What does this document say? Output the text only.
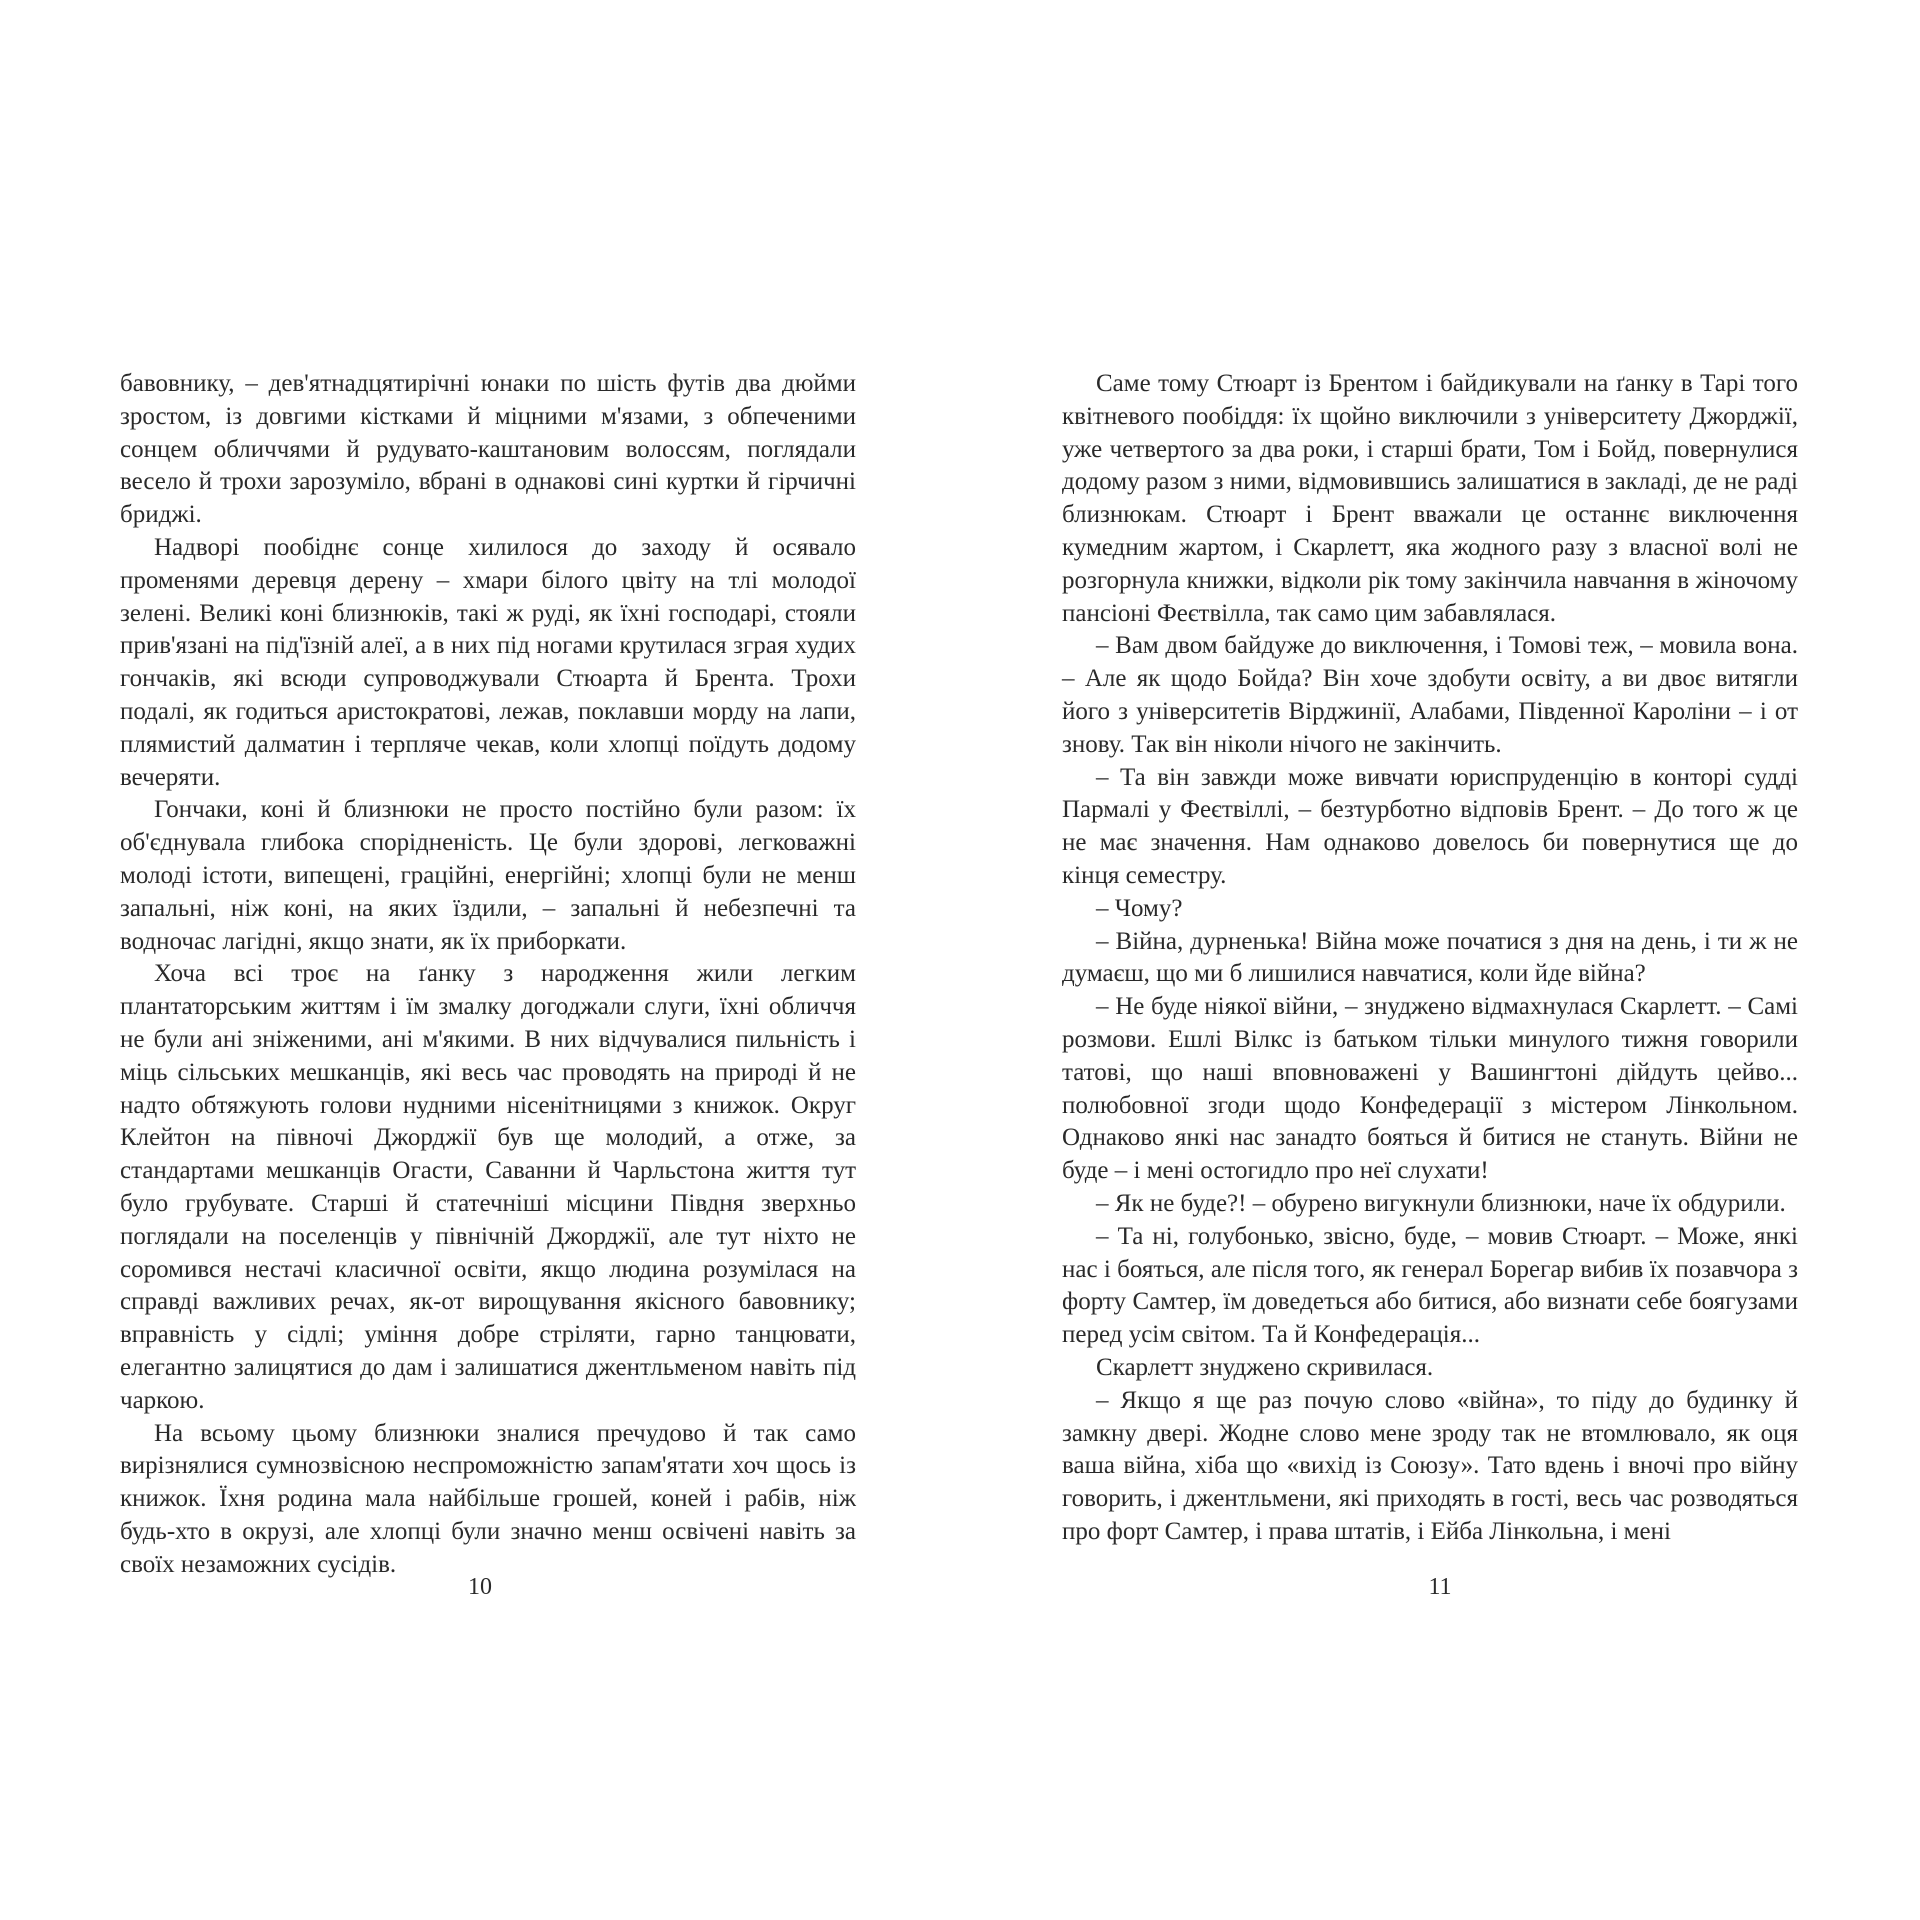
бавовнику, – дев'ятнадцятирічні юнаки по шість футів два дюйми зростом, із довгими кістками й міцними м'язами, з обпеченими сонцем обличчями й рудувато-каштановим волоссям, поглядали весело й трохи зарозуміло, вбрані в однакові сині куртки й гірчичні бриджі.

Надворі пообіднє сонце хилилося до заходу й осявало променями деревця дерену – хмари білого цвіту на тлі молодої зелені. Великі коні близнюків, такі ж руді, як їхні господарі, стояли прив'язані на під'їзній алеї, а в них під ногами крутилася зграя худих гончаків, які всюди супроводжували Стюарта й Брента. Трохи подалі, як годиться аристократові, лежав, поклавши морду на лапи, плямистий далматин і терпляче чекав, коли хлопці поїдуть додому вечеряти.

Гончаки, коні й близнюки не просто постійно були разом: їх об'єднувала глибока спорідненість. Це були здорові, легковажні молоді істоти, випещені, граційні, енергійні; хлопці були не менш запальні, ніж коні, на яких їздили, – запальні й небезпечні та водночас лагідні, якщо знати, як їх приборкати.

Хоча всі троє на ґанку з народження жили легким плантаторським життям і їм змалку догоджали слуги, їхні обличчя не були ані зніженими, ані м'якими. В них відчувалися пильність і міць сільських мешканців, які весь час проводять на природі й не надто обтяжують голови нудними нісенітницями з книжок. Округ Клейтон на півночі Джорджії був ще молодий, а отже, за стандартами мешканців Огасти, Саванни й Чарльстона життя тут було грубувате. Старші й статечніші місцини Півдня зверхньо поглядали на поселенців у північній Джорджії, але тут ніхто не соромився нестачі класичної освіти, якщо людина розумілася на справді важливих речах, як-от вирощування якісного бавовнику; вправність у сідлі; уміння добре стріляти, гарно танцювати, елегантно залицятися до дам і залишатися джентльменом навіть під чаркою.

На всьому цьому близнюки зналися пречудово й так само вирізнялися сумнозвісною неспроможністю запам'ятати хоч щось із книжок. Їхня родина мала найбільше грошей, коней і рабів, ніж будь-хто в окрузі, але хлопці були значно менш освічені навіть за своїх незаможних сусідів.

10

Саме тому Стюарт із Брентом і байдикували на ґанку в Тарі того квітневого пообіддя: їх щойно виключили з університету Джорджії, уже четвертого за два роки, і старші брати, Том і Бойд, повернулися додому разом з ними, відмовившись залишатися в закладі, де не раді близнюкам. Стюарт і Брент вважали це останнє виключення кумедним жартом, і Скарлетт, яка жодного разу з власної волі не розгорнула книжки, відколи рік тому закінчила навчання в жіночому пансіоні Феєтвілла, так само цим забавлялася.

– Вам двом байдуже до виключення, і Томові теж, – мовила вона. – Але як щодо Бойда? Він хоче здобути освіту, а ви двоє витягли його з університетів Вірджинії, Алабами, Південної Кароліни – і от знову. Так він ніколи нічого не закінчить.

– Та він завжди може вивчати юриспруденцію в конторі судді Пармалі у Феєтвіллі, – безтурботно відповів Брент. – До того ж це не має значення. Нам однаково довелось би повернутися ще до кінця семестру.

– Чому?

– Війна, дурненька! Війна може початися з дня на день, і ти ж не думаєш, що ми б лишилися навчатися, коли йде війна?

– Не буде ніякої війни, – знуджено відмахнулася Скарлетт. – Самі розмови. Ешлі Вілкс із батьком тільки минулого тижня говорили татові, що наші вповноважені у Вашингтоні дійдуть цейво... полюбовної згоди щодо Конфедерації з містером Лінкольном. Однаково янкі нас занадто бояться й битися не стануть. Війни не буде – і мені остогидло про неї слухати!

– Як не буде?! – обурено вигукнули близнюки, наче їх обдурили.

– Та ні, голубонько, звісно, буде, – мовив Стюарт. – Може, янкі нас і бояться, але після того, як генерал Борегар вибив їх позавчора з форту Самтер, їм доведеться або битися, або визнати себе боягузами перед усім світом. Та й Конфедерація...

Скарлетт знуджено скривилася.

– Якщо я ще раз почую слово «війна», то піду до будинку й замкну двері. Жодне слово мене зроду так не втомлювало, як оця ваша війна, хіба що «вихід із Союзу». Тато вдень і вночі про війну говорить, і джентльмени, які приходять в гості, весь час розводяться про форт Самтер, і права штатів, і Ейба Лінкольна, і мені

11
